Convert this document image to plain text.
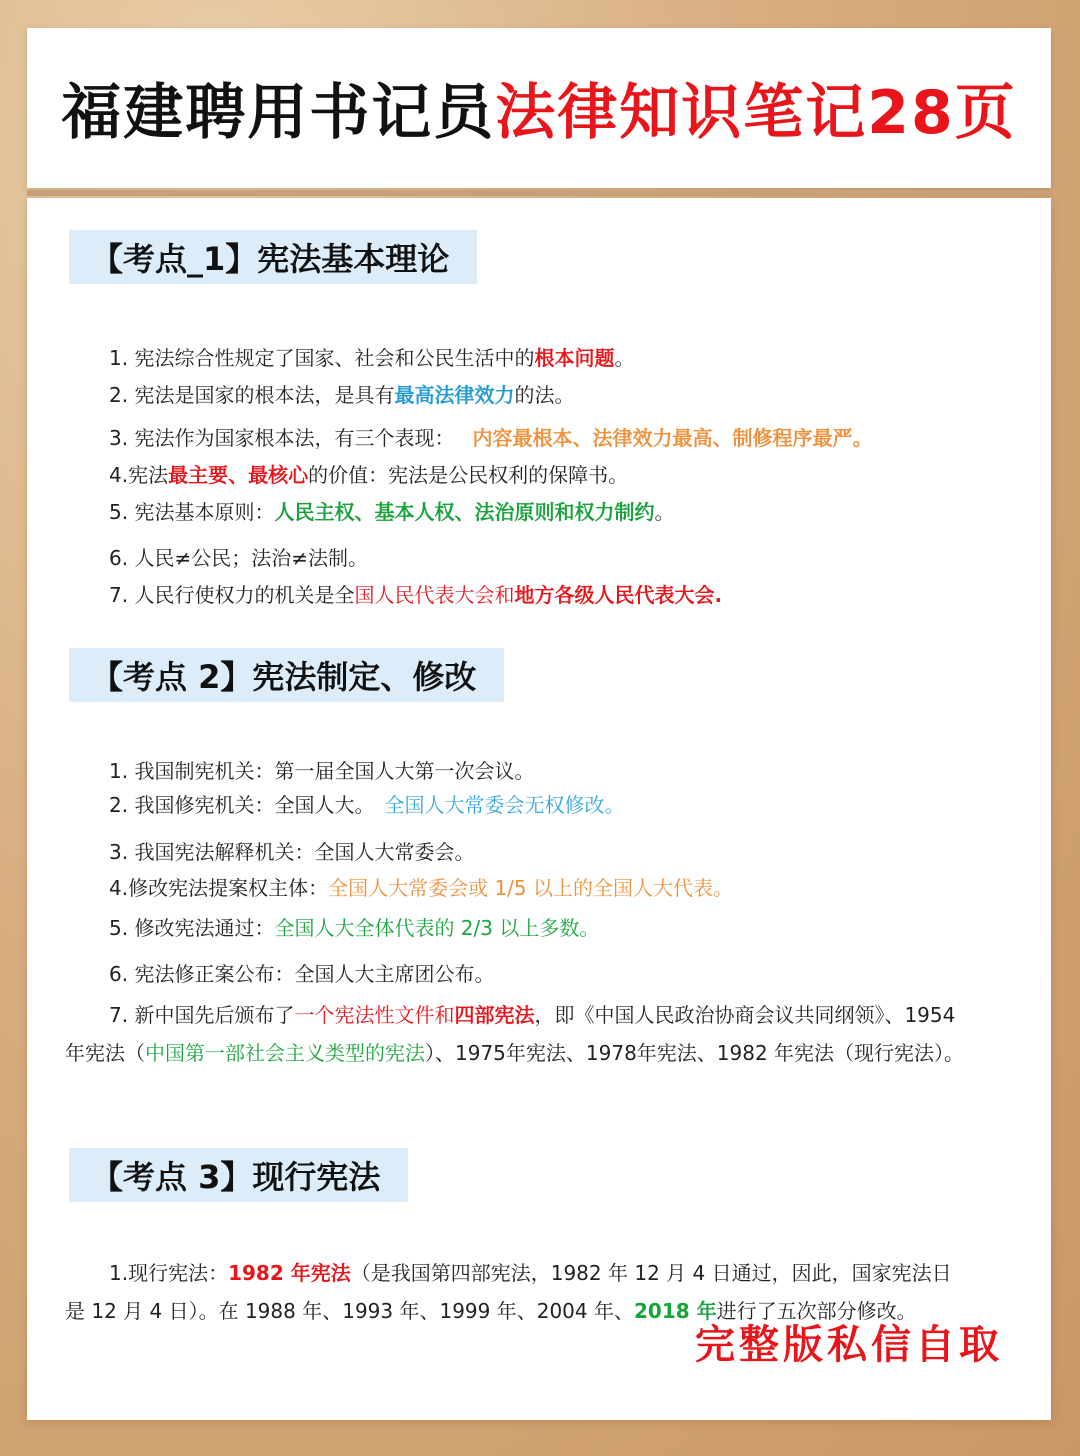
福建聘用书记员 法律知识笔记28页
【考点_1】宪法基本理论
1. 宪法综合性规定了国家、社会和公民生活中的根本问题。
2. 宪法是国家的根本法，是具有最高法律效力的法。
3. 宪法作为国家根本法，有三个表现： 内容最根本、法律效力最高、制修程序最严。
4.宪法最主要、最核心的价值：宪法是公民权利的保障书。
5. 宪法基本原则：人民主权、基本人权、法治原则和权力制约。
6. 人民≠公民；法治≠法制。
7. 人民行使权力的机关是全国人民代表大会和地方各级人民代表大会.
【考点 2】宪法制定、修改
1. 我国制宪机关：第一届全国人大第一次会议。
2. 我国修宪机关：全国人大。 全国人大常委会无权修改。
3. 我国宪法解释机关：全国人大常委会。
4.修改宪法提案权主体：全国人大常委会或 1/5 以上的全国人大代表。
5. 修改宪法通过：全国人大全体代表的 2/3 以上多数。
6. 宪法修正案公布：全国人大主席团公布。
7. 新中国先后颁布了一个宪法性文件和四部宪法，即《中国人民政治协商会议共同纲领》、1954 年宪法（中国第一部社会主义类型的宪法）、1975年宪法、1978年宪法、1982 年宪法（现行宪法）。
【考点 3】现行宪法
1.现行宪法：1982 年宪法（是我国第四部宪法，1982 年 12 月 4 日通过，因此，国家宪法日是 12 月 4 日）。在 1988 年、1993 年、1999 年、2004 年、2018 年进行了五次部分修改。
完整版私信自取
